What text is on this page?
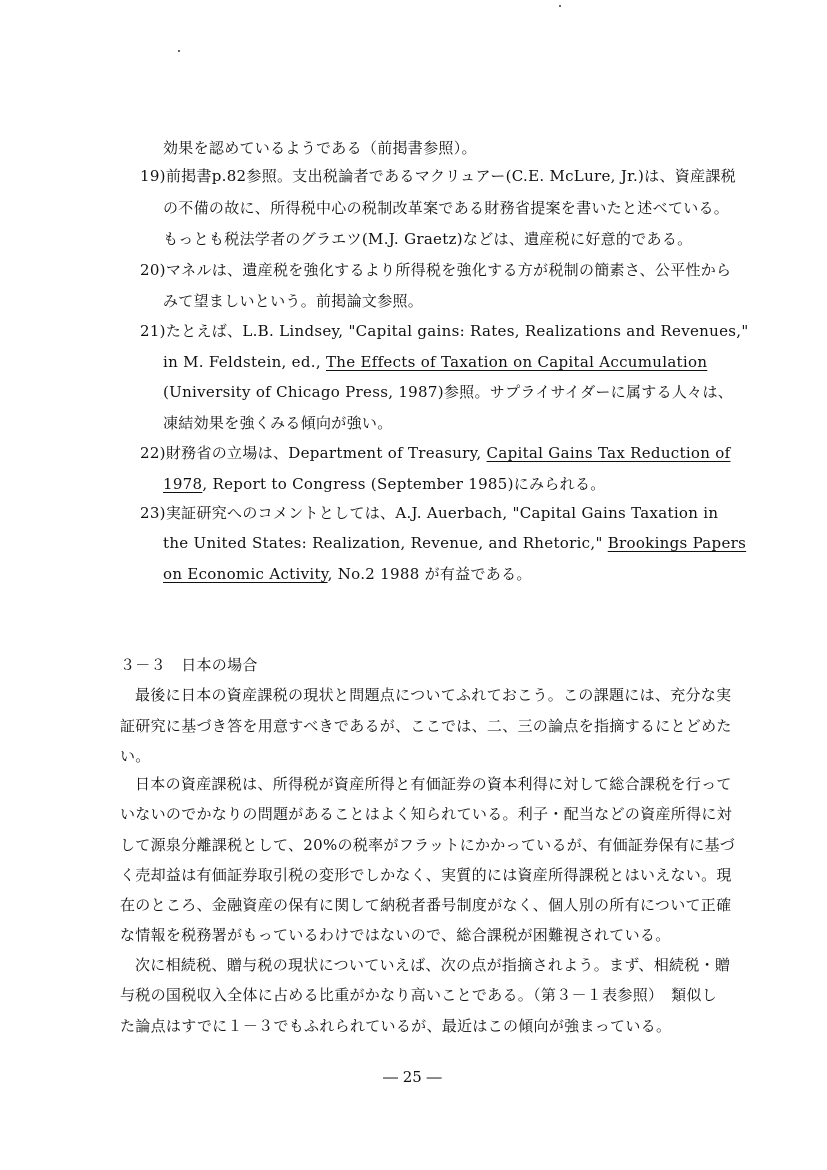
効果を認めているようである（前掲書参照）。
19)前掲書p.82参照。支出税論者であるマクリュアー(C.E. McLure, Jr.)は、資産課税
の不備の故に、所得税中心の税制改革案である財務省提案を書いたと述べている。
もっとも税法学者のグラエツ(M.J. Graetz)などは、遺産税に好意的である。
20)マネルは、遺産税を強化するより所得税を強化する方が税制の簡素さ、公平性から
みて望ましいという。前掲論文参照。
21)たとえば、L.B. Lindsey, "Capital gains: Rates, Realizations and Revenues,"
in M. Feldstein, ed., The Effects of Taxation on Capital Accumulation
(University of Chicago Press, 1987)参照。サプライサイダーに属する人々は、
凍結効果を強くみる傾向が強い。
22)財務省の立場は、Department of Treasury, Capital Gains Tax Reduction of
1978, Report to Congress (September 1985)にみられる。
23)実証研究へのコメントとしては、A.J. Auerbach, "Capital Gains Taxation in
the United States: Realization, Revenue, and Rhetoric," Brookings Papers
on Economic Activity, No.2 1988 が有益である。
３－３　日本の場合
最後に日本の資産課税の現状と問題点についてふれておこう。この課題には、充分な実
証研究に基づき答を用意すべきであるが、ここでは、二、三の論点を指摘するにとどめた
い。
日本の資産課税は、所得税が資産所得と有価証券の資本利得に対して総合課税を行って
いないのでかなりの問題があることはよく知られている。利子・配当などの資産所得に対
して源泉分離課税として、20%の税率がフラットにかかっているが、有価証券保有に基づ
く売却益は有価証券取引税の変形でしかなく、実質的には資産所得課税とはいえない。現
在のところ、金融資産の保有に関して納税者番号制度がなく、個人別の所有について正確
な情報を税務署がもっているわけではないので、総合課税が困難視されている。
次に相続税、贈与税の現状についていえば、次の点が指摘されよう。まず、相続税・贈
与税の国税収入全体に占める比重がかなり高いことである。（第３－１表参照）　類似し
た論点はすでに１－３でもふれられているが、最近はこの傾向が強まっている。
― 25 ―
